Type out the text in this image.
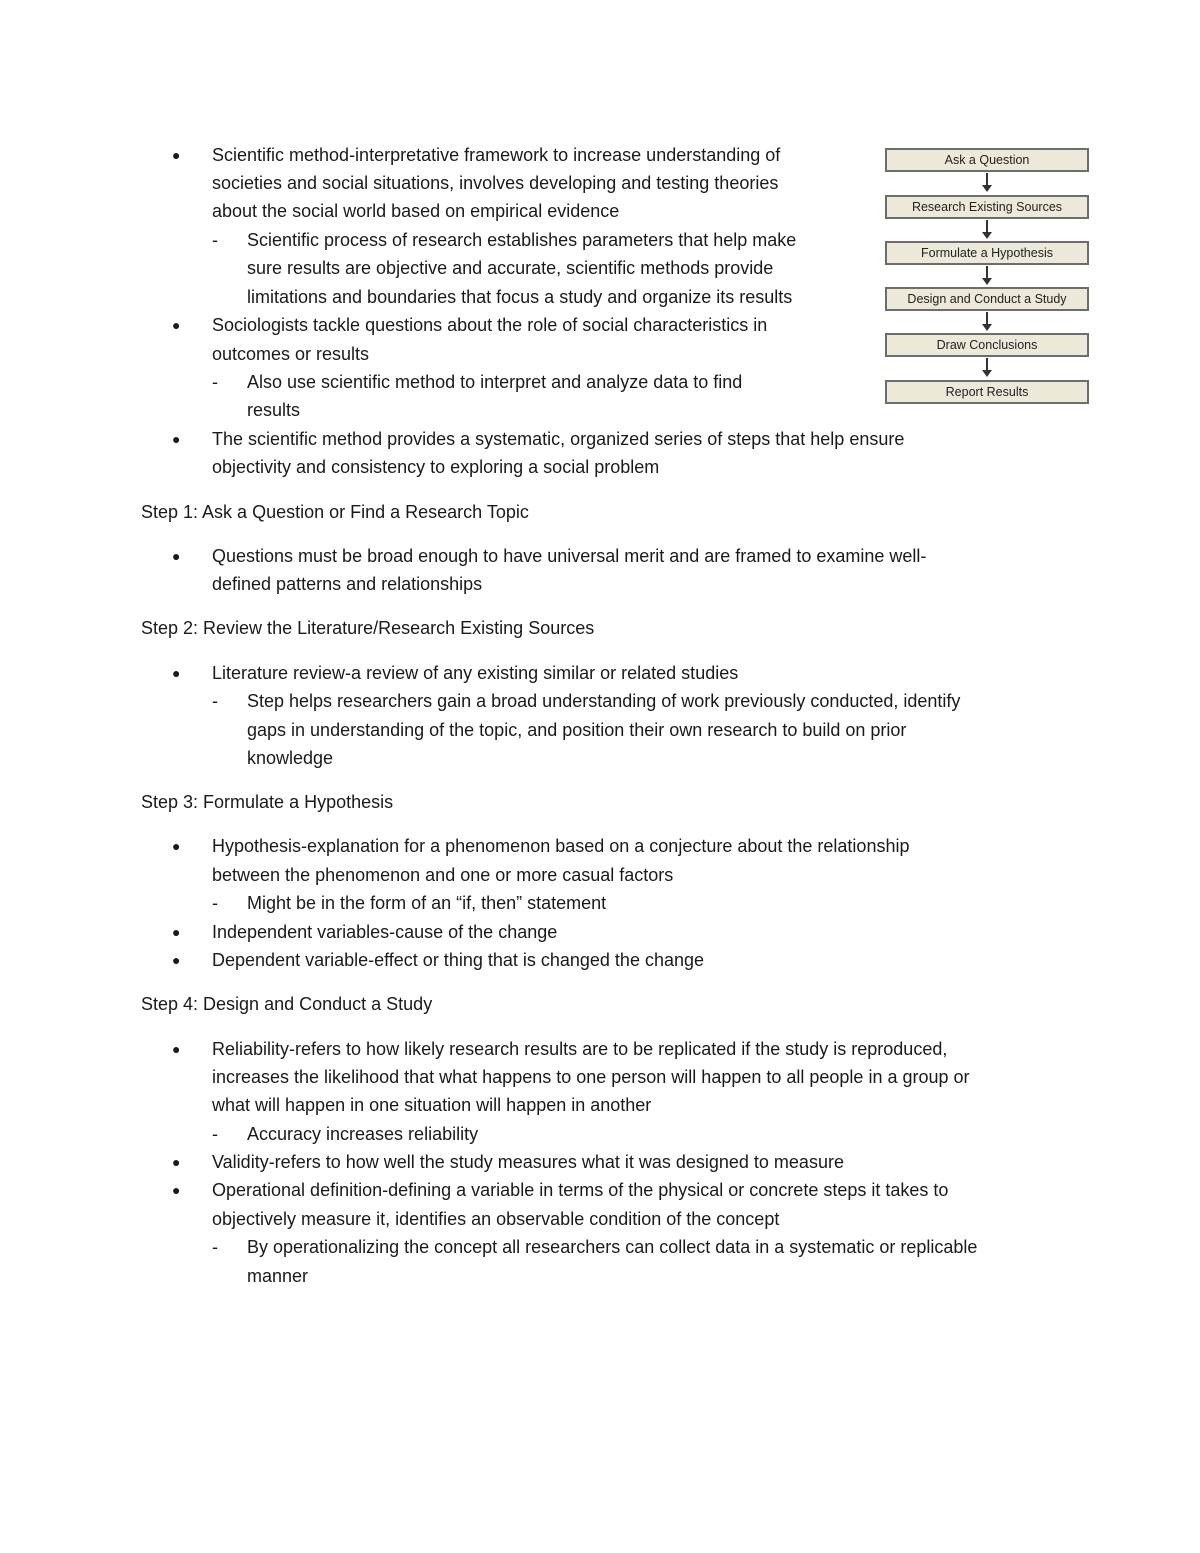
Ask a Question
Research Existing Sources
Formulate a Hypothesis
Design and Conduct a Study
Draw Conclusions
Report Results
● Scientific method-interpretative framework to increase understanding of
societies and social situations, involves developing and testing theories
about the social world based on empirical evidence
- Scientific process of research establishes parameters that help make
sure results are objective and accurate, scientific methods provide
limitations and boundaries that focus a study and organize its results
● Sociologists tackle questions about the role of social characteristics in
outcomes or results
- Also use scientific method to interpret and analyze data to find
results
● The scientific method provides a systematic, organized series of steps that help ensure
objectivity and consistency to exploring a social problem
Step 1: Ask a Question or Find a Research Topic
● Questions must be broad enough to have universal merit and are framed to examine well-
defined patterns and relationships
Step 2: Review the Literature/Research Existing Sources
● Literature review-a review of any existing similar or related studies
- Step helps researchers gain a broad understanding of work previously conducted, identify
gaps in understanding of the topic, and position their own research to build on prior
knowledge
Step 3: Formulate a Hypothesis
● Hypothesis-explanation for a phenomenon based on a conjecture about the relationship
between the phenomenon and one or more casual factors
- Might be in the form of an “if, then” statement
● Independent variables-cause of the change
● Dependent variable-effect or thing that is changed the change
Step 4: Design and Conduct a Study
● Reliability-refers to how likely research results are to be replicated if the study is reproduced,
increases the likelihood that what happens to one person will happen to all people in a group or
what will happen in one situation will happen in another
- Accuracy increases reliability
● Validity-refers to how well the study measures what it was designed to measure
● Operational definition-defining a variable in terms of the physical or concrete steps it takes to
objectively measure it, identifies an observable condition of the concept
- By operationalizing the concept all researchers can collect data in a systematic or replicable
manner
